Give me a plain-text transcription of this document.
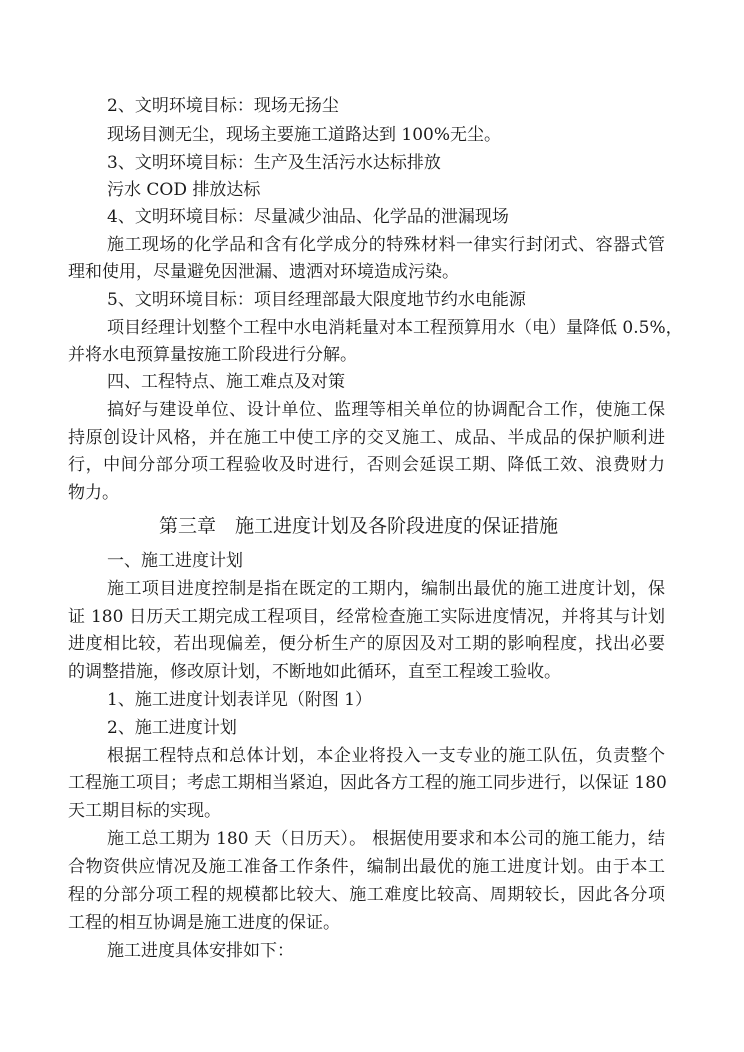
2、文明环境目标：现场无扬尘
现场目测无尘，现场主要施工道路达到 100%无尘。
3、文明环境目标：生产及生活污水达标排放
污水 COD 排放达标
4、文明环境目标：尽量减少油品、化学品的泄漏现场
施工现场的化学品和含有化学成分的特殊材料一律实行封闭式、容器式管
理和使用，尽量避免因泄漏、遗洒对环境造成污染。
5、文明环境目标：项目经理部最大限度地节约水电能源
项目经理计划整个工程中水电消耗量对本工程预算用水（电）量降低 0.5%，
并将水电预算量按施工阶段进行分解。
四、工程特点、施工难点及对策
搞好与建设单位、设计单位、监理等相关单位的协调配合工作，使施工保
持原创设计风格，并在施工中使工序的交叉施工、成品、半成品的保护顺利进
行，中间分部分项工程验收及时进行，否则会延误工期、降低工效、浪费财力
物力。
第三章　施工进度计划及各阶段进度的保证措施
一、施工进度计划
施工项目进度控制是指在既定的工期内，编制出最优的施工进度计划，保
证 180 日历天工期完成工程项目，经常检查施工实际进度情况，并将其与计划
进度相比较，若出现偏差，便分析生产的原因及对工期的影响程度，找出必要
的调整措施，修改原计划，不断地如此循环，直至工程竣工验收。
1、施工进度计划表详见（附图 1）
2、施工进度计划
根据工程特点和总体计划，本企业将投入一支专业的施工队伍，负责整个
工程施工项目；考虑工期相当紧迫，因此各方工程的施工同步进行，以保证 180
天工期目标的实现。
施工总工期为 180 天（日历天）。 根据使用要求和本公司的施工能力，结
合物资供应情况及施工准备工作条件，编制出最优的施工进度计划。由于本工
程的分部分项工程的规模都比较大、施工难度比较高、周期较长，因此各分项
工程的相互协调是施工进度的保证。
施工进度具体安排如下：
